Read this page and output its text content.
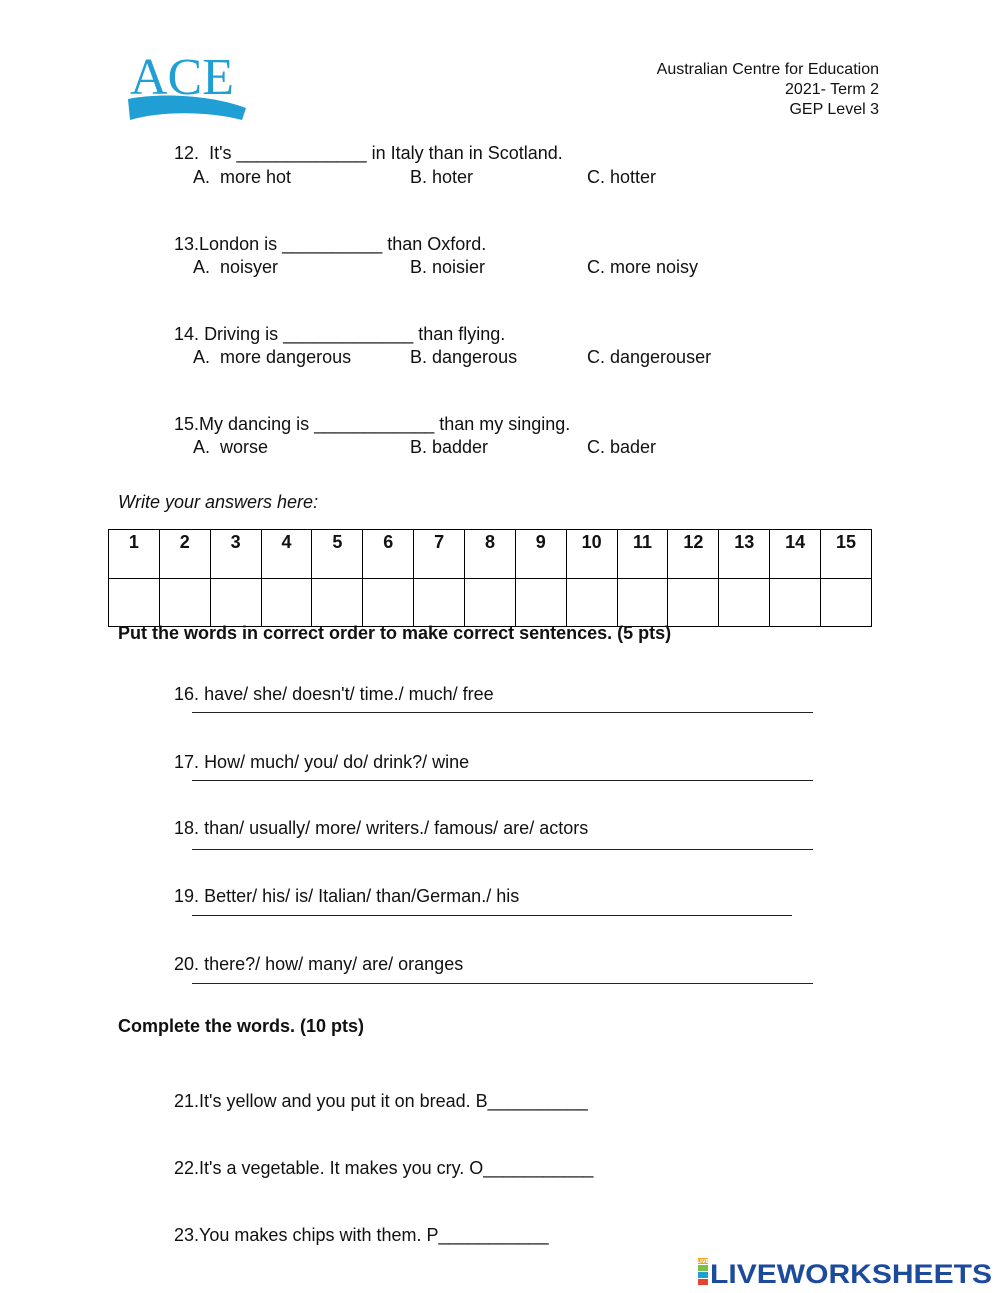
ACE	Australian Centre for Education
2021- Term 2
GEP Level 3

12. It's _____________ in Italy than in Scotland.

A.  more hot	B. hoter	C. hotter

13.London is __________ than Oxford.

A.  noisyer	B. noisier	C. more noisy

14. Driving is _____________ than flying.

A.  more dangerous	B. dangerous	C. dangerouser

15.My dancing is ____________ than my singing.

A.  worse	B. badder	C. bader
Write your answers here:
1	2	3	4	5	6	7	8	9	10	11	12	13	14	15

Put the words in correct order to make correct sentences. (5 pts)

16. have/ she/ doesn't/ time./ much/ free

17. How/ much/ you/ do/ drink?/ wine

18. than/ usually/ more/ writers./ famous/ are/ actors

19. Better/ his/ is/ Italian/ than/German./ his

20. there?/ how/ many/ are/ oranges

Complete the words. (10 pts)

21.It's yellow and you put it on bread. B__________

22.It's a vegetable. It makes you cry. O___________

23.You makes chips with them. P___________

LIVE LIVEWORKSHEETS
